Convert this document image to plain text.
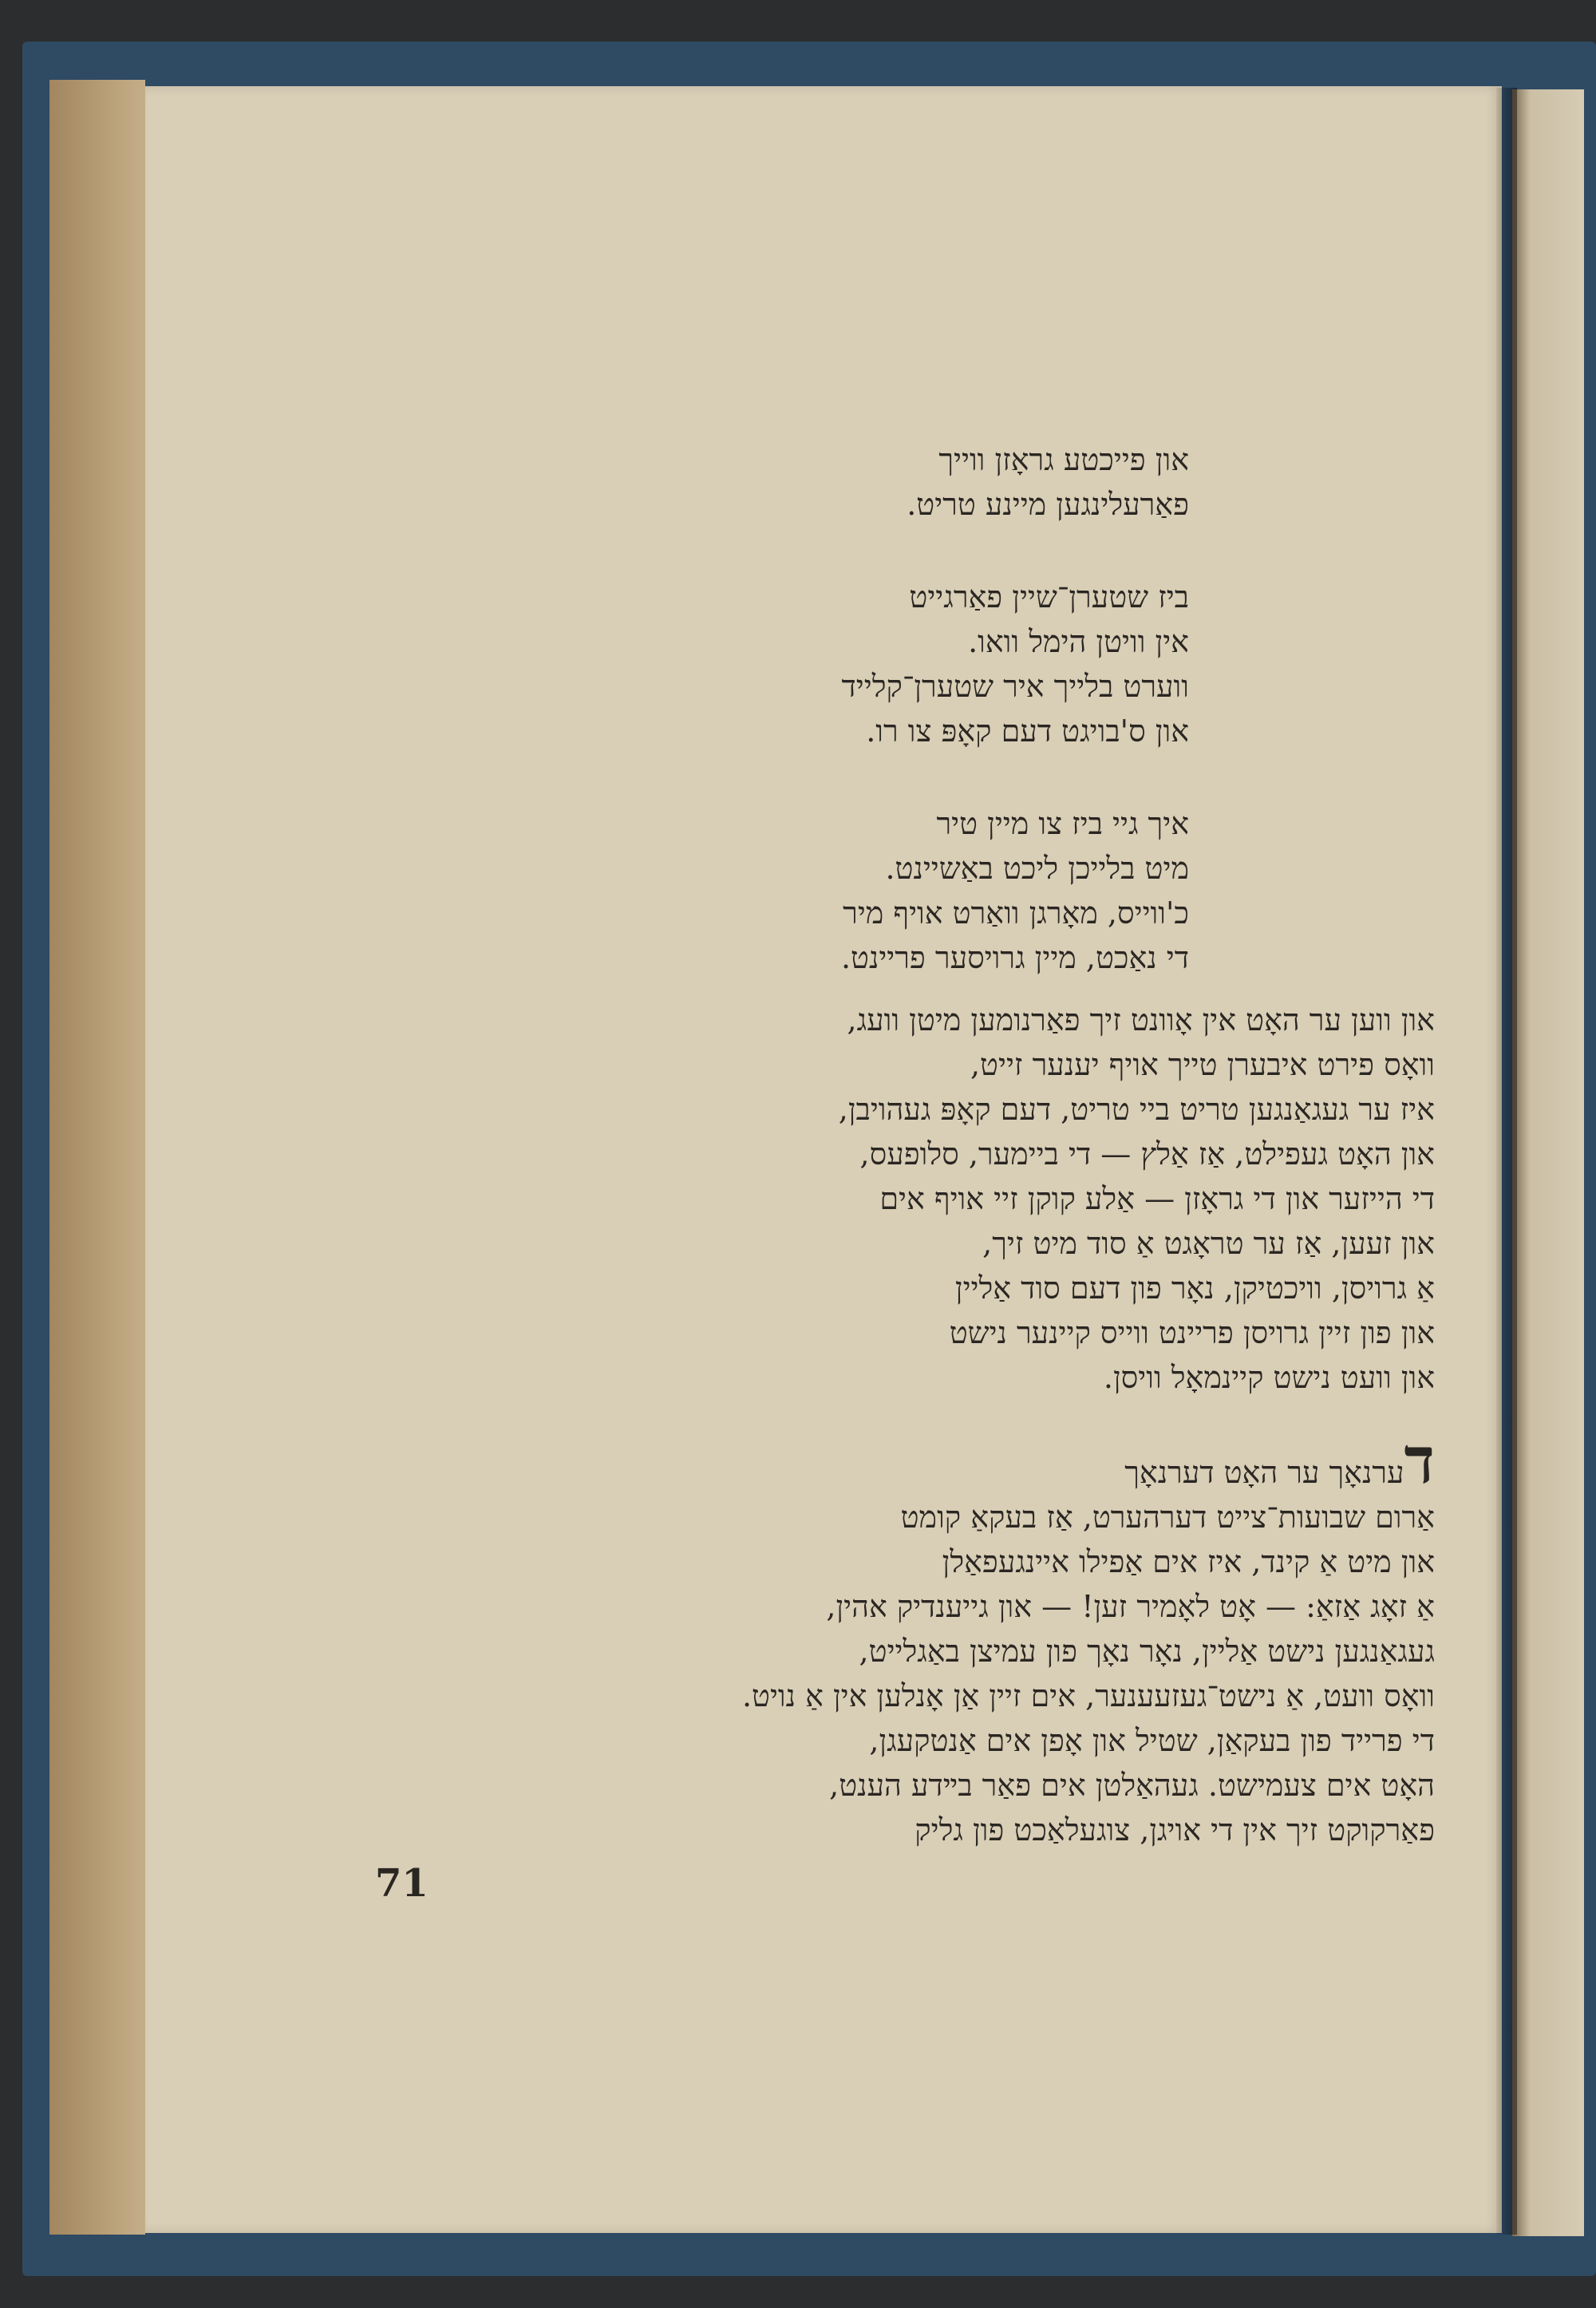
און פייכטע גראָזן ווייך
פאַרעלינגען מיינע טריט.
ביז שטערן־שיין פאַרגייט
אין וויטן הימל וואו.
ווערט בלייך איר שטערן־קלייד
און ס'בויגט דעם קאָפּ צו רו.
איך גיי ביז צו מיין טיר
מיט בלייכן ליכט באַשיינט.
כ'ווייס, מאָרגן וואַרט אויף מיר
די נאַכט, מיין גרויסער פריינט.
און ווען ער האָט אין אָוונט זיך פאַרנומען מיטן וועג,
וואָס פירט איבערן טייך אויף יענער זייט,
איז ער געגאַנגען טריט ביי טריט, דעם קאָפּ געהויבן,
און האָט געפילט, אַז אַלץ — די ביימער, סלופעס,
די הייזער און די גראָזן — אַלע קוקן זיי אויף אים
און זעען, אַז ער טראָגט אַ סוד מיט זיך,
אַ גרויסן, וויכטיקן, נאָר פון דעם סוד אַליין
און פון זיין גרויסן פריינט ווייס קיינער נישט
און וועט נישט קיינמאָל וויסן.
דערנאָך ער האָט דערנאָך
אַרום שבועות־צייט דערהערט, אַז בעקאַ קומט
און מיט אַ קינד, איז אים אַפילו איינגעפאַלן
אַ זאָג אַזאַ: — אָט לאָמיר זען! — און גייענדיק אהין,
געגאַנגען נישט אַליין, נאָר נאָך פון עמיצן באַגלייט,
וואָס וועט, אַ נישט־געזעענער, אים זיין אַן אָנלען אין אַ נויט.
די פרייד פון בעקאַן, שטיל און אָפן אים אַנטקעגן,
האָט אים צעמישט. געהאַלטן אים פאַר בײדע הענט,
פאַרקוקט זיך אין די אויגן, צוגעלאַכט פון גליק
71
